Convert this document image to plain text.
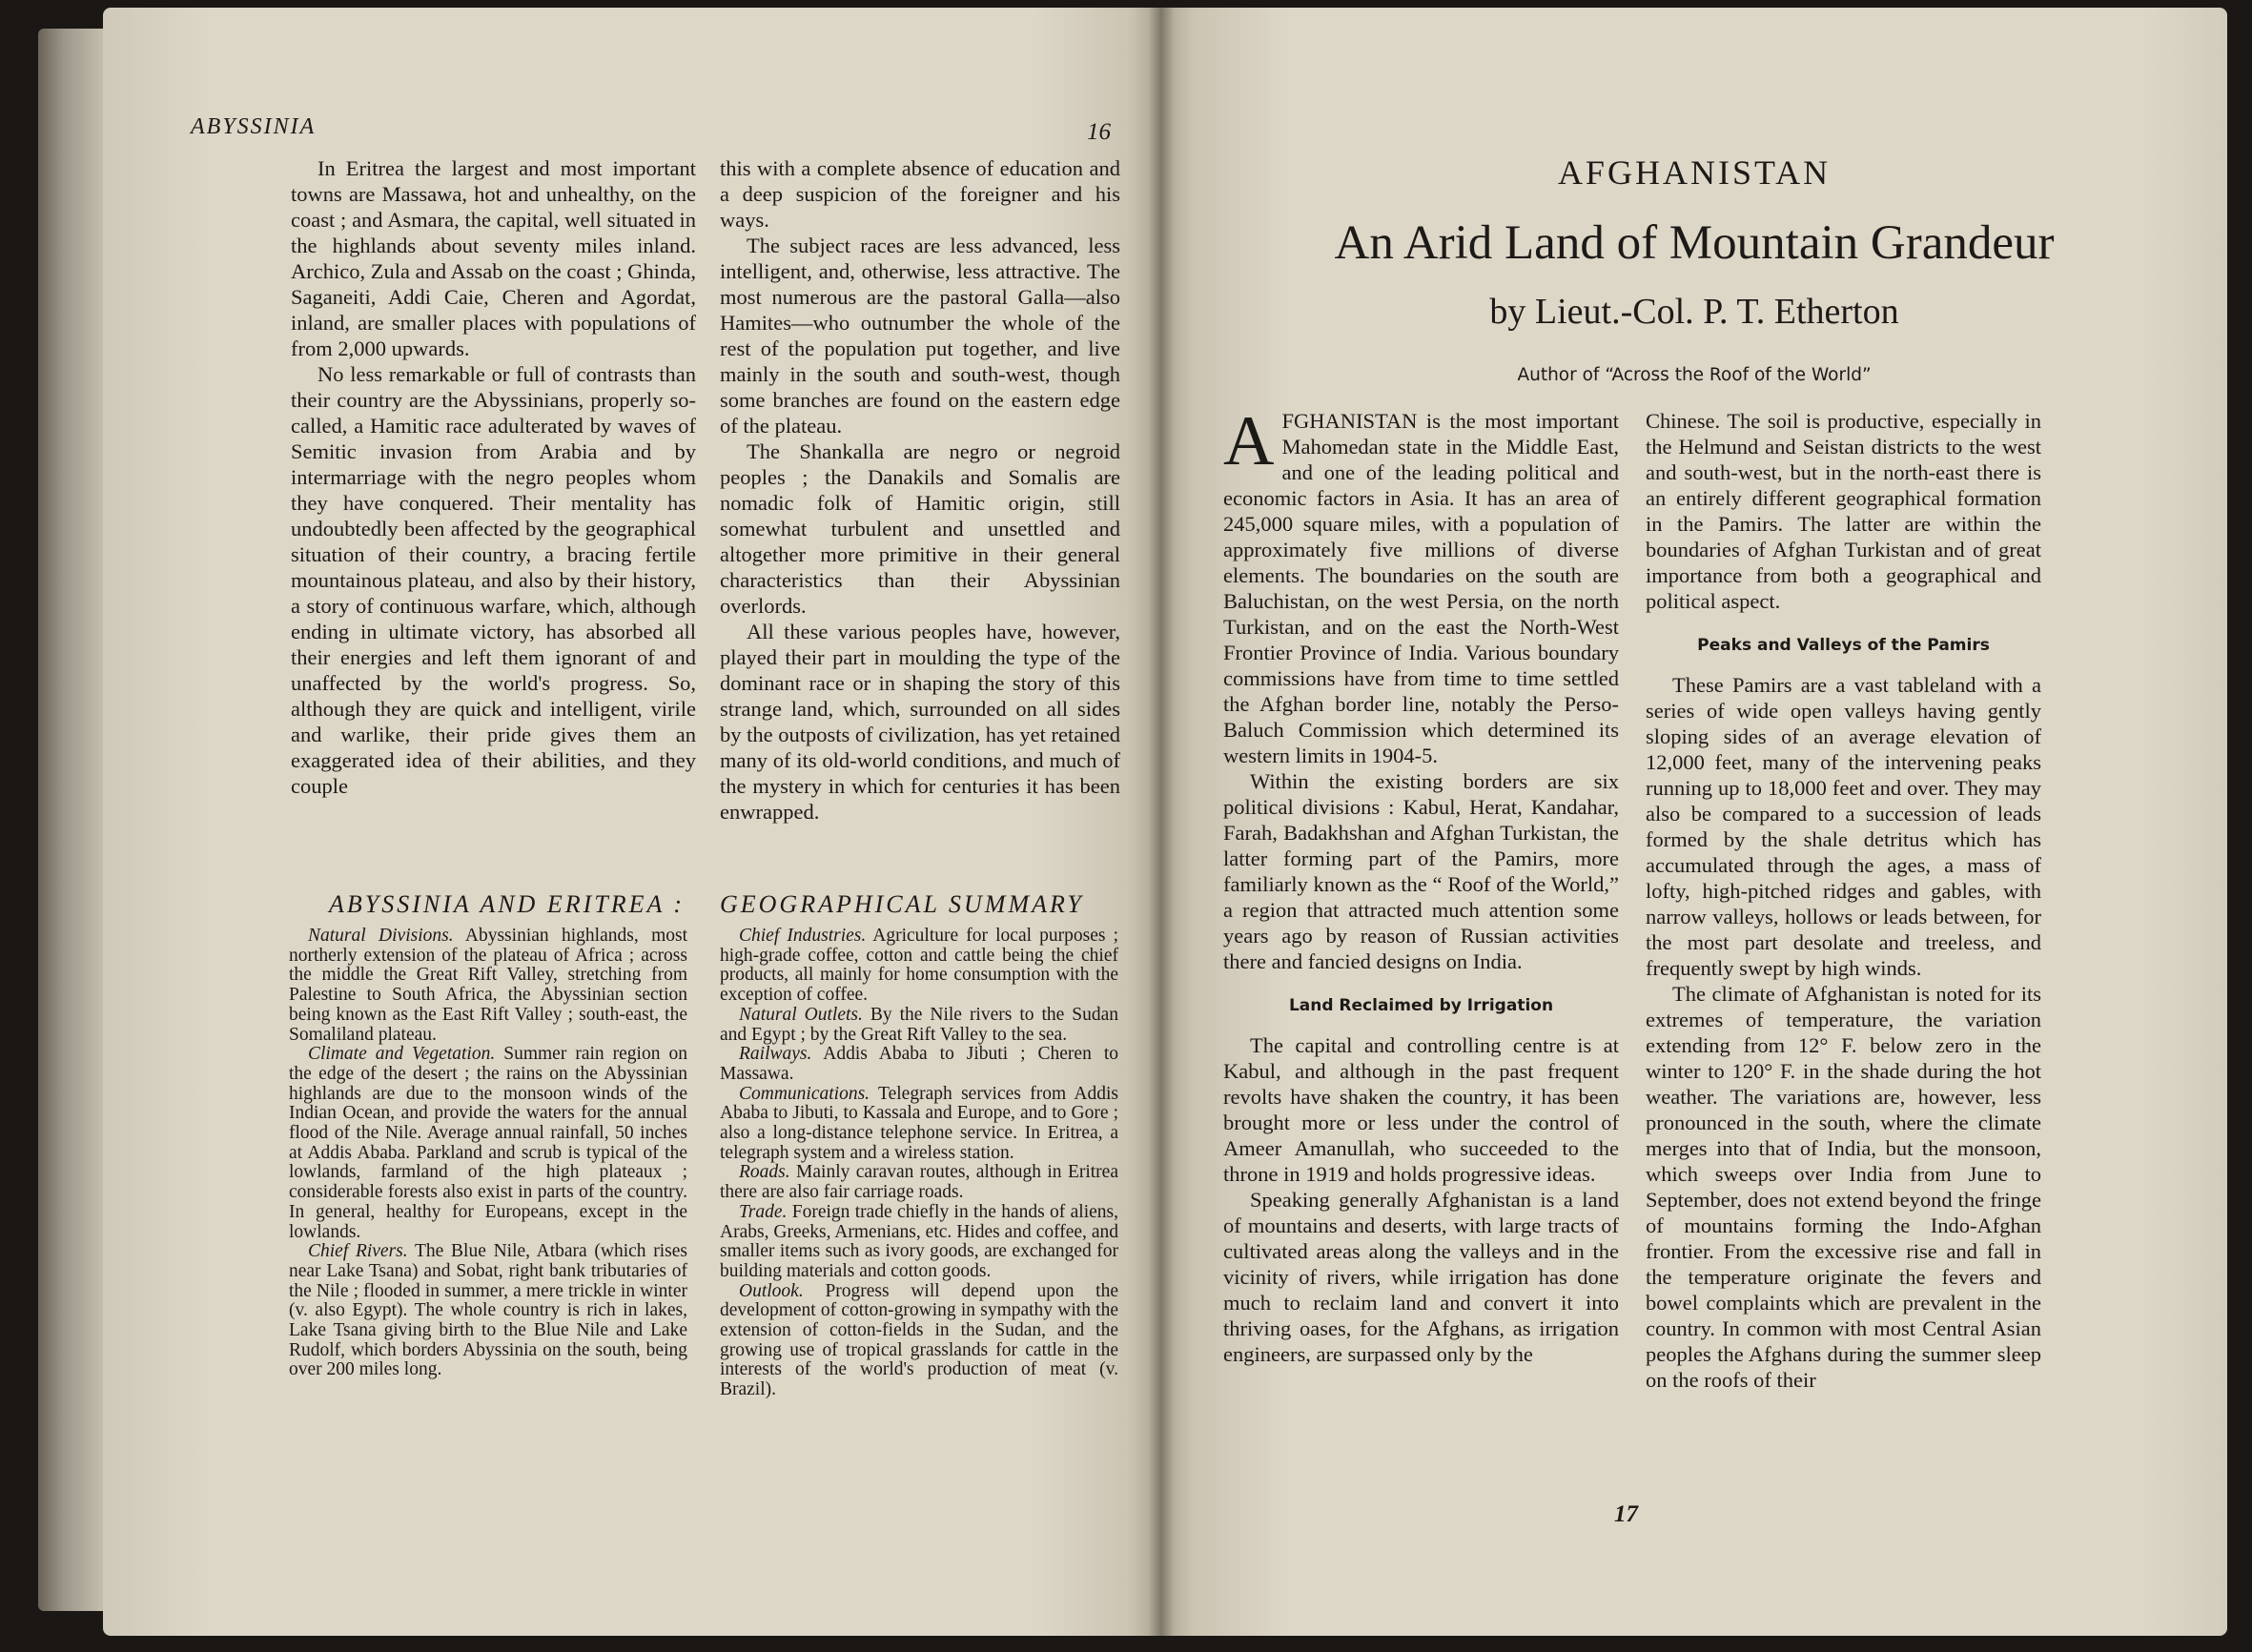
ABYSSINIA	16

In Eritrea the largest and most important towns are Massawa, hot and unhealthy, on the coast ; and Asmara, the capital, well situated in the highlands about seventy miles inland. Archico, Zula and Assab on the coast ; Ghinda, Saganeiti, Addi Caie, Cheren and Agordat, inland, are smaller places with populations of from 2,000 upwards.

No less remarkable or full of contrasts than their country are the Abyssinians, properly so-called, a Hamitic race adulterated by waves of Semitic invasion from Arabia and by intermarriage with the negro peoples whom they have conquered. Their mentality has undoubtedly been affected by the geographical situation of their country, a bracing fertile mountainous plateau, and also by their history, a story of continuous warfare, which, although ending in ultimate victory, has absorbed all their energies and left them ignorant of and unaffected by the world's progress. So, although they are quick and intelligent, virile and warlike, their pride gives them an exaggerated idea of their abilities, and they couple

this with a complete absence of education and a deep suspicion of the foreigner and his ways.

The subject races are less advanced, less intelligent, and, otherwise, less attractive. The most numerous are the pastoral Galla—also Hamites—who outnumber the whole of the rest of the population put together, and live mainly in the south and south-west, though some branches are found on the eastern edge of the plateau.

The Shankalla are negro or negroid peoples ; the Danakils and Somalis are nomadic folk of Hamitic origin, still somewhat turbulent and unsettled and altogether more primitive in their general characteristics than their Abyssinian overlords.

All these various peoples have, however, played their part in moulding the type of the dominant race or in shaping the story of this strange land, which, surrounded on all sides by the outposts of civilization, has yet retained many of its old-world conditions, and much of the mystery in which for centuries it has been enwrapped.

ABYSSINIA AND ERITREA : GEOGRAPHICAL SUMMARY

Natural Divisions. Abyssinian highlands, most northerly extension of the plateau of Africa ; across the middle the Great Rift Valley, stretching from Palestine to South Africa, the Abyssinian section being known as the East Rift Valley ; south-east, the Somaliland plateau.

Climate and Vegetation. Summer rain region on the edge of the desert ; the rains on the Abyssinian highlands are due to the monsoon winds of the Indian Ocean, and provide the waters for the annual flood of the Nile. Average annual rainfall, 50 inches at Addis Ababa. Parkland and scrub is typical of the lowlands, farmland of the high plateaux ; considerable forests also exist in parts of the country. In general, healthy for Europeans, except in the lowlands.

Chief Rivers. The Blue Nile, Atbara (which rises near Lake Tsana) and Sobat, right bank tributaries of the Nile ; flooded in summer, a mere trickle in winter (v. also Egypt). The whole country is rich in lakes, Lake Tsana giving birth to the Blue Nile and Lake Rudolf, which borders Abyssinia on the south, being over 200 miles long.

Chief Industries. Agriculture for local purposes ; high-grade coffee, cotton and cattle being the chief products, all mainly for home consumption with the exception of coffee.

Natural Outlets. By the Nile rivers to the Sudan and Egypt ; by the Great Rift Valley to the sea.

Railways. Addis Ababa to Jibuti ; Cheren to Massawa.

Communications. Telegraph services from Addis Ababa to Jibuti, to Kassala and Europe, and to Gore ; also a long-distance telephone service. In Eritrea, a telegraph system and a wireless station.

Roads. Mainly caravan routes, although in Eritrea there are also fair carriage roads.

Trade. Foreign trade chiefly in the hands of aliens, Arabs, Greeks, Armenians, etc. Hides and coffee, and smaller items such as ivory goods, are exchanged for building materials and cotton goods.

Outlook. Progress will depend upon the development of cotton-growing in sympathy with the extension of cotton-fields in the Sudan, and the growing use of tropical grasslands for cattle in the interests of the world's production of meat (v. Brazil).

AFGHANISTAN
An Arid Land of Mountain Grandeur
by Lieut.-Col. P. T. Etherton
Author of “Across the Roof of the World”

AFGHANISTAN is the most important Mahomedan state in the Middle East, and one of the leading political and economic factors in Asia. It has an area of 245,000 square miles, with a population of approximately five millions of diverse elements. The boundaries on the south are Baluchistan, on the west Persia, on the north Turkistan, and on the east the North-West Frontier Province of India. Various boundary commissions have from time to time settled the Afghan border line, notably the Perso-Baluch Commission which determined its western limits in 1904-5.

Within the existing borders are six political divisions : Kabul, Herat, Kandahar, Farah, Badakhshan and Afghan Turkistan, the latter forming part of the Pamirs, more familiarly known as the “ Roof of the World,” a region that attracted much attention some years ago by reason of Russian activities there and fancied designs on India.

Land Reclaimed by Irrigation

The capital and controlling centre is at Kabul, and although in the past frequent revolts have shaken the country, it has been brought more or less under the control of Ameer Amanullah, who succeeded to the throne in 1919 and holds progressive ideas.

Speaking generally Afghanistan is a land of mountains and deserts, with large tracts of cultivated areas along the valleys and in the vicinity of rivers, while irrigation has done much to reclaim land and convert it into thriving oases, for the Afghans, as irrigation engineers, are surpassed only by the

Chinese. The soil is productive, especially in the Helmund and Seistan districts to the west and south-west, but in the north-east there is an entirely different geographical formation in the Pamirs. The latter are within the boundaries of Afghan Turkistan and of great importance from both a geographical and political aspect.

Peaks and Valleys of the Pamirs

These Pamirs are a vast tableland with a series of wide open valleys having gently sloping sides of an average elevation of 12,000 feet, many of the intervening peaks running up to 18,000 feet and over. They may also be compared to a succession of leads formed by the shale detritus which has accumulated through the ages, a mass of lofty, high-pitched ridges and gables, with narrow valleys, hollows or leads between, for the most part desolate and treeless, and frequently swept by high winds.

The climate of Afghanistan is noted for its extremes of temperature, the variation extending from 12° F. below zero in the winter to 120° F. in the shade during the hot weather. The variations are, however, less pronounced in the south, where the climate merges into that of India, but the monsoon, which sweeps over India from June to September, does not extend beyond the fringe of mountains forming the Indo-Afghan frontier. From the excessive rise and fall in the temperature originate the fevers and bowel complaints which are prevalent in the country. In common with most Central Asian peoples the Afghans during the summer sleep on the roofs of their

17
